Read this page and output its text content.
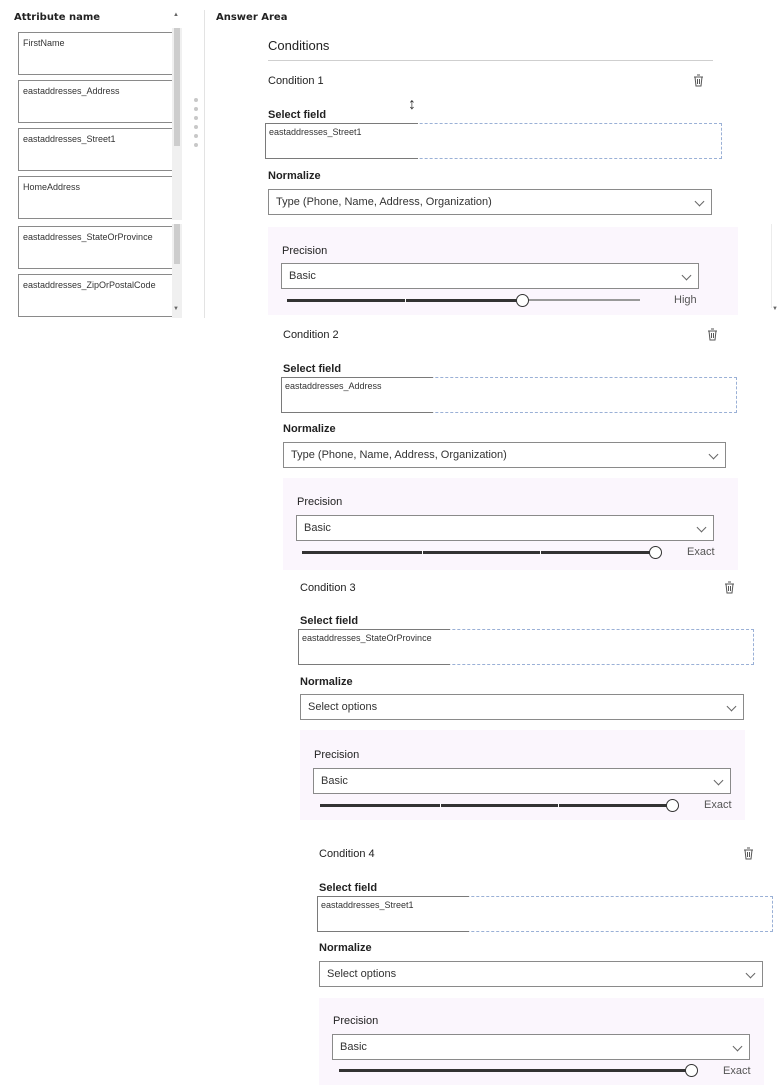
Attribute name	Answer Area
FirstName
eastaddresses_Address
eastaddresses_Street1
HomeAddress
▲
eastaddresses_StateOrProvince
eastaddresses_ZipOrPostalCode
▼	▼
Conditions
Condition 1
Select field
↕
eastaddresses_Street1
Normalize
Type (Phone, Name, Address, Organization)
Precision
Basic
High
Condition 2
Select field
eastaddresses_Address
Normalize
Type (Phone, Name, Address, Organization)
Precision
Basic
Exact
Condition 3
Select field
eastaddresses_StateOrProvince
Normalize
Select options
Precision
Basic
Exact
Condition 4
Select field
eastaddresses_Street1
Normalize
Select options
Precision
Basic
Exact
